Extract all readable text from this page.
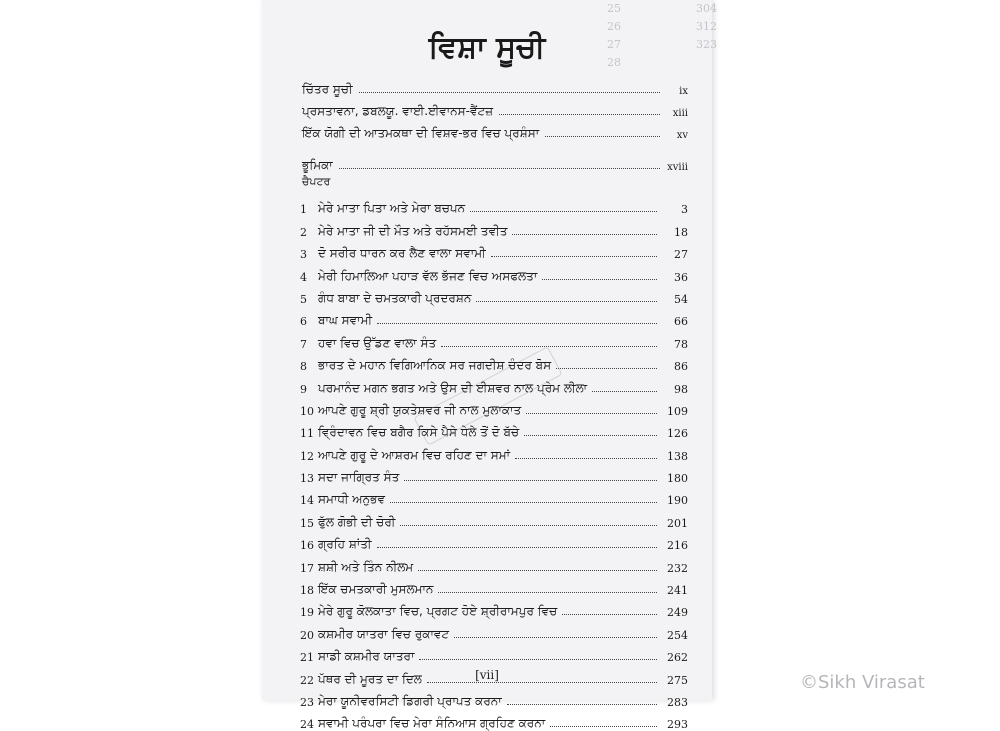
25	304
26	312
27	323
28
ਵਿਸ਼ਾ ਸੂਚੀ
ਚਿੱਤਰ ਸੂਚੀ	ix
ਪ੍ਰਸਤਾਵਨਾ, ਡਬਲਯੂ. ਵਾਈ.ਈਵਾਨਸ-ਵੈਂਟਜ਼	xiii
ਇੱਕ ਯੋਗੀ ਦੀ ਆਤਮਕਥਾ ਦੀ ਵਿਸ਼ਵ-ਭਰ ਵਿਚ ਪ੍ਰਸ਼ੰਸਾ	xv
ਭੂਮਿਕਾ	xviii
ਚੈਪਟਰ
1 ਮੇਰੇ ਮਾਤਾ ਪਿਤਾ ਅਤੇ ਮੇਰਾ ਬਚਪਨ	3
2 ਮੇਰੇ ਮਾਤਾ ਜੀ ਦੀ ਮੌਤ ਅਤੇ ਰਹੱਸਮਈ ਤਵੀਤ	18
3 ਦੋ ਸਰੀਰ ਧਾਰਨ ਕਰ ਲੈਣ ਵਾਲਾ ਸਵਾਮੀ	27
4 ਮੇਰੀ ਹਿਮਾਲਿਆ ਪਹਾੜ ਵੱਲ ਭੱਜਣ ਵਿਚ ਅਸਫਲਤਾ	36
5 ਗੰਧ ਬਾਬਾ ਦੇ ਚਮਤਕਾਰੀ ਪ੍ਰਦਰਸ਼ਨ	54
6 ਬਾਘ ਸਵਾਮੀ	66
7 ਹਵਾ ਵਿਚ ਉੱਡਣ ਵਾਲਾ ਸੰਤ	78
8 ਭਾਰਤ ਦੇ ਮਹਾਨ ਵਿਗਿਆਨਿਕ ਸਰ ਜਗਦੀਸ਼ ਚੰਦਰ ਬੋਸ	86
9 ਪਰਮਾਨੰਦ ਮਗਨ ਭਗਤ ਅਤੇ ਉਸ ਦੀ ਈਸ਼ਵਰ ਨਾਲ ਪ੍ਰੇਮ ਲੀਲਾ	98
10 ਆਪਣੇ ਗੁਰੂ ਸ਼੍ਰੀ ਯੁਕਤੇਸ਼ਵਰ ਜੀ ਨਾਲ ਮੁਲਾਕਾਤ	109
11 ਵ੍ਰਿੰਦਾਵਨ ਵਿਚ ਬਗੈਰ ਕਿਸੇ ਪੈਸੇ ਧੇਲੇ ਤੋਂ ਦੋ ਬੱਚੇ	126
12 ਆਪਣੇ ਗੁਰੂ ਦੇ ਆਸ਼ਰਮ ਵਿਚ ਰਹਿਣ ਦਾ ਸਮਾਂ	138
13 ਸਦਾ ਜਾਗ੍ਰਿਤ ਸੰਤ	180
14 ਸਮਾਧੀ ਅਨੁਭਵ	190
15 ਫੁੱਲ ਗੋਭੀ ਦੀ ਚੋਰੀ	201
16 ਗ੍ਰਹਿ ਸ਼ਾਂਤੀ	216
17 ਸ਼ਸ਼ੀ ਅਤੇ ਤਿੰਨ ਨੀਲਮ	232
18 ਇੱਕ ਚਮਤਕਾਰੀ ਮੁਸਲਮਾਨ	241
19 ਮੇਰੇ ਗੁਰੂ ਕੋਲਕਾਤਾ ਵਿਚ, ਪ੍ਰਗਟ ਹੋਏ ਸ਼੍ਰੀਰਾਮਪੁਰ ਵਿਚ	249
20 ਕਸ਼ਮੀਰ ਯਾਤਰਾ ਵਿਚ ਰੁਕਾਵਟ	254
21 ਸਾਡੀ ਕਸ਼ਮੀਰ ਯਾਤਰਾ	262
22 ਪੱਥਰ ਦੀ ਮੂਰਤ ਦਾ ਦਿਲ	275
23 ਮੇਰਾ ਯੂਨੀਵਰਸਿਟੀ ਡਿਗਰੀ ਪ੍ਰਾਪਤ ਕਰਨਾ	283
24 ਸਵਾਮੀ ਪਰੰਪਰਾ ਵਿਚ ਮੇਰਾ ਸੰਨਿਆਸ ਗ੍ਰਹਿਣ ਕਰਨਾ	293
[vii]	©Sikh Virasat
